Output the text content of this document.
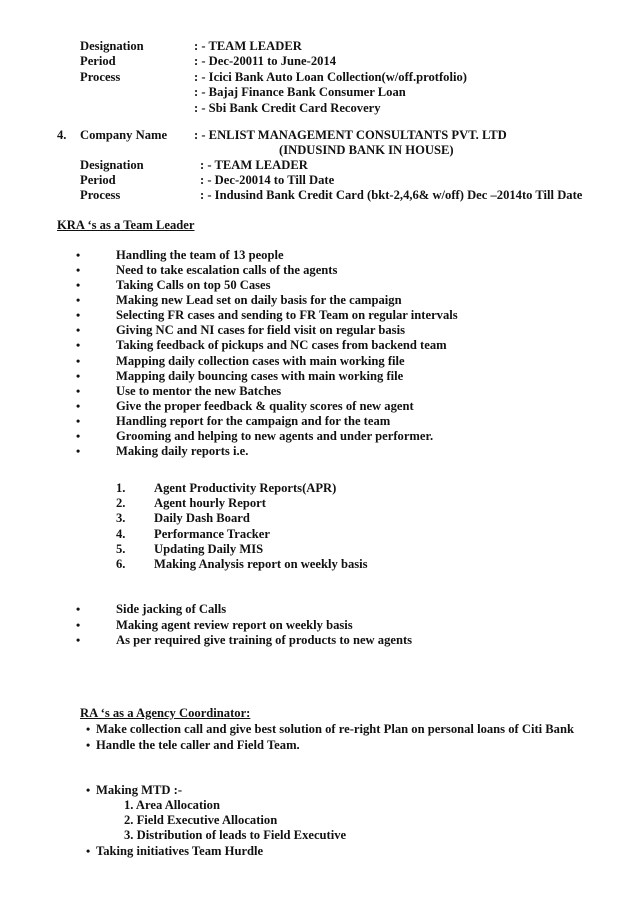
Designation	: - TEAM LEADER
Period	: - Dec-20011 to June-2014
Process	: - Icici Bank Auto Loan Collection(w/off.protfolio)
: - Bajaj Finance Bank Consumer Loan
: - Sbi Bank Credit Card Recovery
4. Company Name : - ENLIST MANAGEMENT CONSULTANTS PVT. LTD
(INDUSIND BANK IN HOUSE)
Designation	: - TEAM LEADER
Period	: - Dec-20014 to Till Date
Process	: - Indusind Bank Credit Card (bkt-2,4,6& w/off) Dec –2014to Till Date
KRA ‘s as a Team Leader
•	Handling the team of 13 people
•	Need to take escalation calls of the agents
•	Taking Calls on top 50 Cases
•	Making new Lead set on daily basis for the campaign
•	Selecting FR cases and sending to FR Team on regular intervals
•	Giving NC and NI cases for field visit on regular basis
•	Taking feedback of pickups and NC cases from backend team
•	Mapping daily collection cases with main working file
•	Mapping daily bouncing cases with main working file
•	Use to mentor the new Batches
•	Give the proper feedback & quality scores of new agent
•	Handling report for the campaign and for the team
•	Grooming and helping to new agents and under performer.
•	Making daily reports i.e.
1. Agent Productivity Reports(APR)
2. Agent hourly Report
3. Daily Dash Board
4. Performance Tracker
5. Updating Daily MIS
6. Making Analysis report on weekly basis
•	Side jacking of Calls
•	Making agent review report on weekly basis
•	As per required give training of products to new agents
RA ‘s as a Agency Coordinator:
• Make collection call and give best solution of re-right Plan on personal loans of Citi Bank
• Handle the tele caller and Field Team.
• Making MTD :-
1. Area Allocation
2. Field Executive Allocation
3. Distribution of leads to Field Executive
• Taking initiatives Team Hurdle
